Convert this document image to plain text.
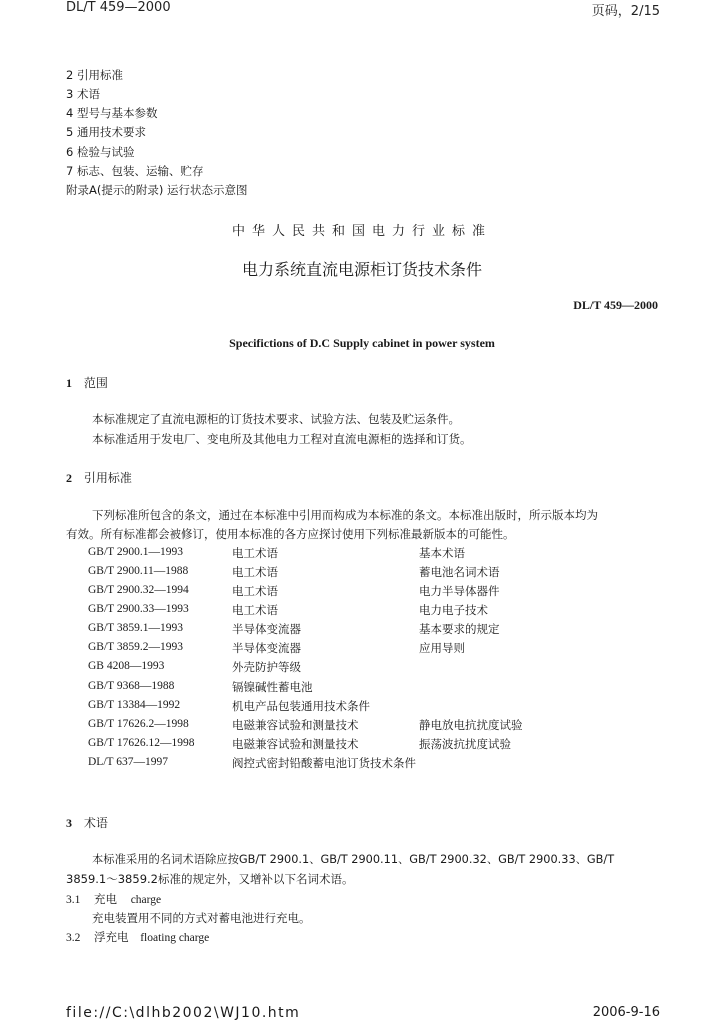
DL/T 459—2000	页码，2/15
2 引用标准
3 术语
4 型号与基本参数
5 通用技术要求
6 检验与试验
7 标志、包装、运输、贮存
附录A(提示的附录) 运行状态示意图
中华人民共和国电力行业标准
电力系统直流电源柜订货技术条件
DL/T 459—2000
Specifictions of D.C Supply cabinet in power system
1 范围
本标准规定了直流电源柜的订货技术要求、试验方法、包装及贮运条件。
本标准适用于发电厂、变电所及其他电力工程对直流电源柜的选择和订货。
2 引用标准
下列标准所包含的条文，通过在本标准中引用而构成为本标准的条文。本标准出版时，所示版本均为
有效。所有标准都会被修订，使用本标准的各方应探讨使用下列标准最新版本的可能性。
GB/T 2900.1—1993	电工术语	基本术语
GB/T 2900.11—1988	电工术语	蓄电池名词术语
GB/T 2900.32—1994	电工术语	电力半导体器件
GB/T 2900.33—1993	电工术语	电力电子技术
GB/T 3859.1—1993	半导体变流器	基本要求的规定
GB/T 3859.2—1993	半导体变流器	应用导则
GB 4208—1993	外壳防护等级
GB/T 9368—1988	镉镍碱性蓄电池
GB/T 13384—1992	机电产品包装通用技术条件
GB/T 17626.2—1998	电磁兼容试验和测量技术	静电放电抗扰度试验
GB/T 17626.12—1998	电磁兼容试验和测量技术	振荡波抗扰度试验
DL/T 637—1997	阀控式密封铅酸蓄电池订货技术条件
3 术语
本标准采用的名词术语除应按GB/T 2900.1、GB/T 2900.11、GB/T 2900.32、GB/T 2900.33、GB/T
3859.1～3859.2标准的规定外，又增补以下名词术语。
3.1 充电 charge
充电装置用不同的方式对蓄电池进行充电。
3.2 浮充电 floating charge
file://C:\dlhb2002\WJ10.htm	2006-9-16
